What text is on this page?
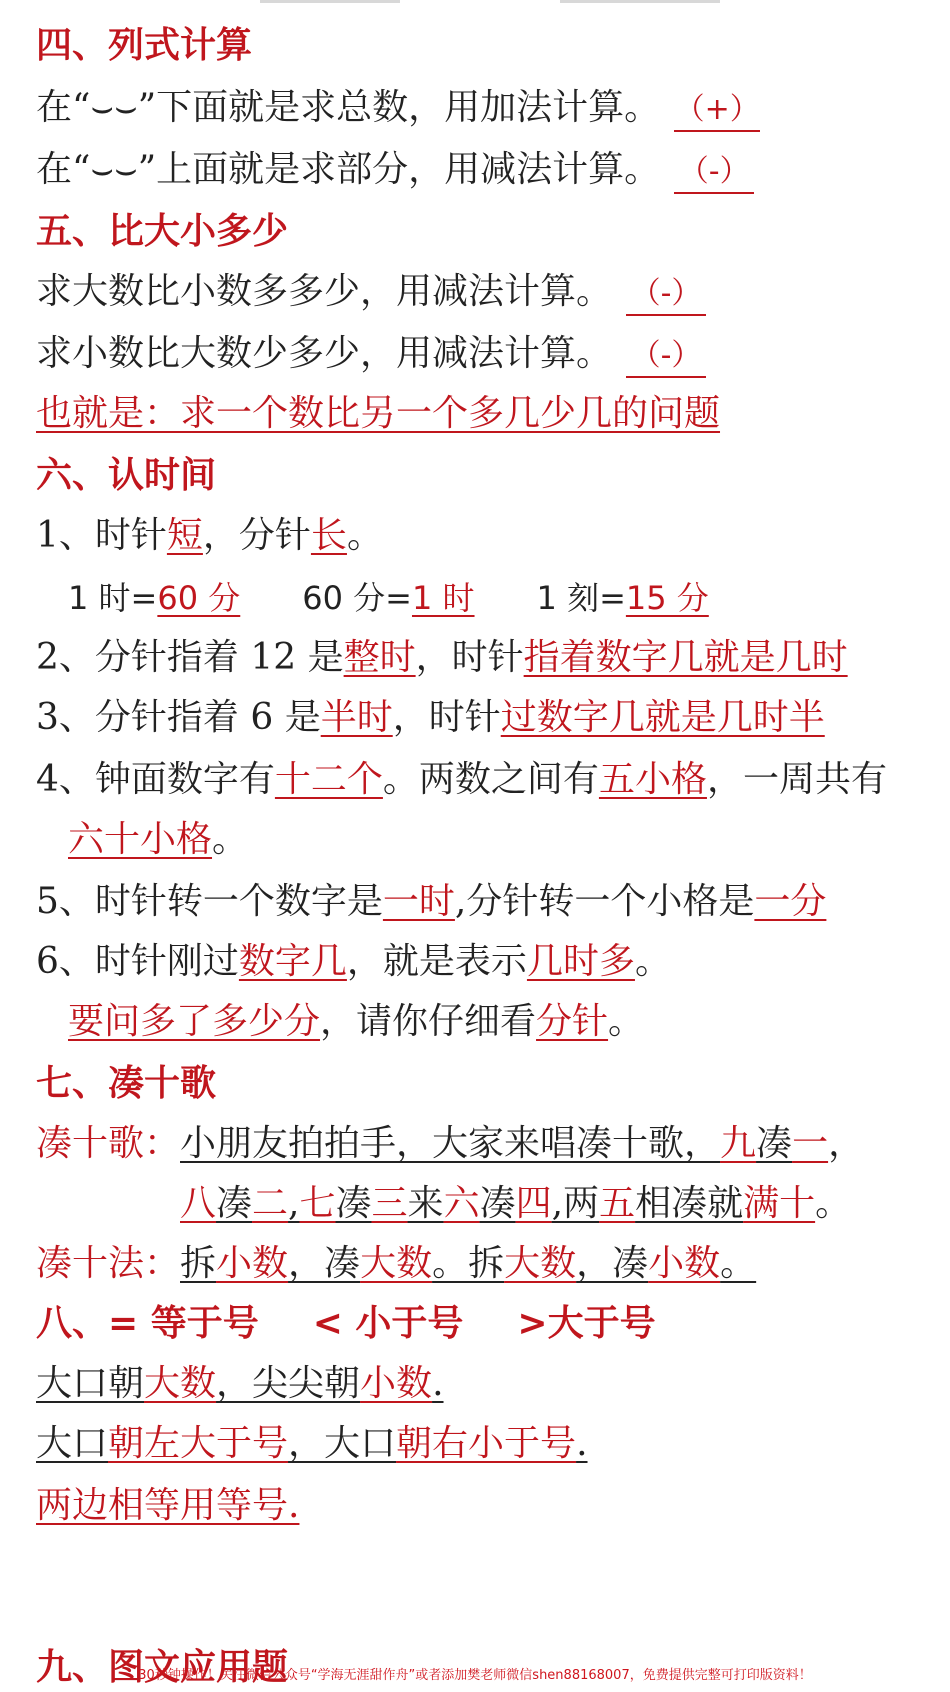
四、列式计算
在“⌣⌣”下面就是求总数，用加法计算。 （+）
在“⌣⌣”上面就是求部分，用减法计算。 （-）
五、比大小多少
求大数比小数多多少，用减法计算。 （-）
求小数比大数少多少，用减法计算。 （-）
也就是：求一个数比另一个多几少几的问题
六、认时间
1、时针短，分针长。
1 时=60 分 60 分=1 时 1 刻=15 分
2、分针指着 12 是整时，时针指着数字几就是几时
3、分针指着 6 是半时，时针过数字几就是几时半
4、钟面数字有十二个。两数之间有五小格，一周共有
六十小格。
5、时针转一个数字是一时,分针转一个小格是一分
6、时针刚过数字几，就是表示几时多。
要问多了多少分，请你仔细看分针。
七、凑十歌
凑十歌：小朋友拍拍手，大家来唱凑十歌，九凑一，
八凑二,七凑三来六凑四,两五相凑就满十。
凑十法：拆小数，凑大数。拆大数，凑小数。
八、= 等于号 < 小于号 >大于号
大口朝大数，尖尖朝小数.
大口朝左大于号，大口朝右小于号.
两边相等用等号.
九、图文应用题
30秒钟操作！关注微信公众号“学海无涯甜作舟”或者添加樊老师微信shen88168007，免费提供完整可打印版资料！
